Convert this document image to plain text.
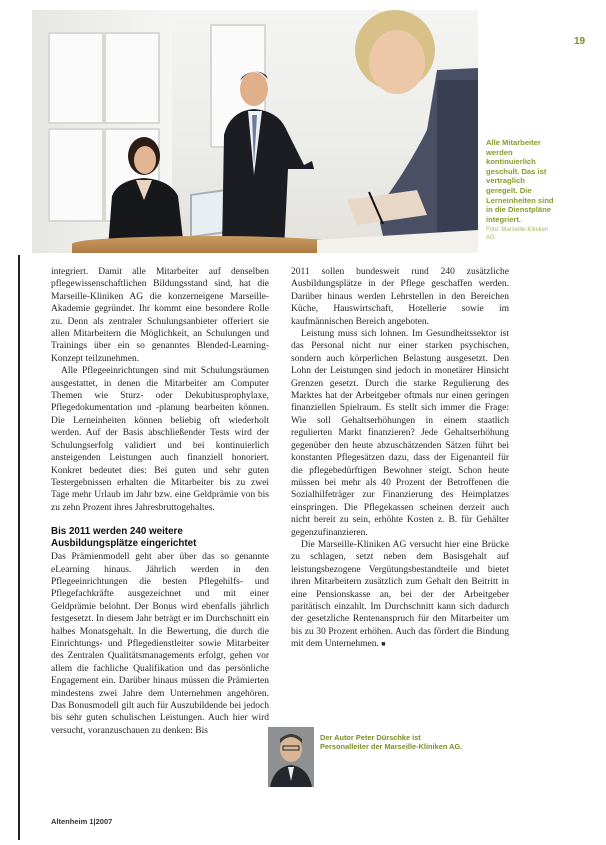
19
Alle Mitarbeiter werden kontinuierlich geschult. Das ist vertraglich geregelt. Die Lerneinheiten sind in die Dienstpläne integriert.
Foto: Marseille-Kliniken AG

integriert. Damit alle Mitarbeiter auf denselben pflegewissenschaftlichen Bildungsstand sind, hat die Marseille-Kliniken AG die konzerneigene Marseille-Akademie gegründet. Ihr kommt eine besondere Rolle zu. Denn als zentraler Schulungsanbieter offeriert sie allen Mitarbeitern die Möglichkeit, an Schulungen und Trainings über ein so genanntes Blended-Learning-Konzept teilzunehmen.

Alle Pflegeeinrichtungen sind mit Schulungsräumen ausgestattet, in denen die Mitarbeiter am Computer Themen wie Sturz- oder Dekubitusprophylaxe, Pflegedokumentation und -planung bearbeiten können. Die Lerneinheiten können beliebig oft wiederholt werden. Auf der Basis abschließender Tests wird der Schulungserfolg validiert und bei kontinuierlich ansteigenden Leistungen auch finanziell honoriert. Konkret bedeutet dies: Bei guten und sehr guten Testergebnissen erhalten die Mitarbeiter bis zu zwei Tage mehr Urlaub im Jahr bzw. eine Geldprämie von bis zu zehn Prozent ihres Jahresbruttogehaltes.

Bis 2011 werden 240 weitere Ausbildungsplätze eingerichtet

Das Prämienmodell geht aber über das so genannte eLearning hinaus. Jährlich werden in den Pflegeeinrichtungen die besten Pflegehilfs- und Pflegefachkräfte ausgezeichnet und mit einer Geldprämie belohnt. Der Bonus wird ebenfalls jährlich festgesetzt. In diesem Jahr beträgt er im Durchschnitt ein halbes Monatsgehalt. In die Bewertung, die durch die Einrichtungs- und Pflegedienstleiter sowie Mitarbeiter des Zentralen Qualitätsmanagements erfolgt, gehen vor allem die fachliche Qualifikation und das persönliche Engagement ein. Darüber hinaus müssen die Prämierten mindestens zwei Jahre dem Unternehmen angehören. Das Bonusmodell gilt auch für Auszubildende bei jedoch bis sehr guten schulischen Leistungen. Auch hier wird versucht, voranzuschauen zu denken: Bis

2011 sollen bundesweit rund 240 zusätzliche Ausbildungsplätze in der Pflege geschaffen werden. Darüber hinaus werden Lehrstellen in den Bereichen Küche, Hauswirtschaft, Hotellerie sowie im kaufmännischen Bereich angeboten.

Leistung muss sich lohnen. Im Gesundheitssektor ist das Personal nicht nur einer starken psychischen, sondern auch körperlichen Belastung ausgesetzt. Den Lohn der Leistungen sind jedoch in monetärer Hinsicht Grenzen gesetzt. Durch die starke Regulierung des Marktes hat der Arbeitgeber oftmals nur einen geringen finanziellen Spielraum. Es stellt sich immer die Frage: Wie soll Gehaltserhöhungen in einem staatlich regulierten Markt finanzieren? Jede Gehaltserhöhung gegenüber den heute abzuschätzenden Sätzen führt bei konstanten Pflegesätzen dazu, dass der Eigenanteil für die pflegebedürftigen Bewohner steigt. Schon heute müssen bei mehr als 40 Prozent der Betroffenen die Sozialhilfeträger zur Finanzierung des Heimplatzes einspringen. Die Pflegekassen scheinen derzeit auch nicht bereit zu sein, erhöhte Kosten z. B. für Gehälter gegenzufinanzieren.

Die Marseille-Kliniken AG versucht hier eine Brücke zu schlagen, setzt neben dem Basisgehalt auf leistungsbezogene Vergütungsbestandteile und bietet ihren Mitarbeitern zusätzlich zum Gehalt den Beitritt in eine Pensionskasse an, bei der der Arbeitgeber paritätisch einzahlt. Im Durchschnitt kann sich dadurch der gesetzliche Rentenanspruch für den Mitarbeiter um bis zu 30 Prozent erhöhen. Auch das fördert die Bindung mit dem Unternehmen. ■

Der Autor Peter Dürschke ist Personalleiter der Marseille-Kliniken AG.
Altenheim 1|2007
